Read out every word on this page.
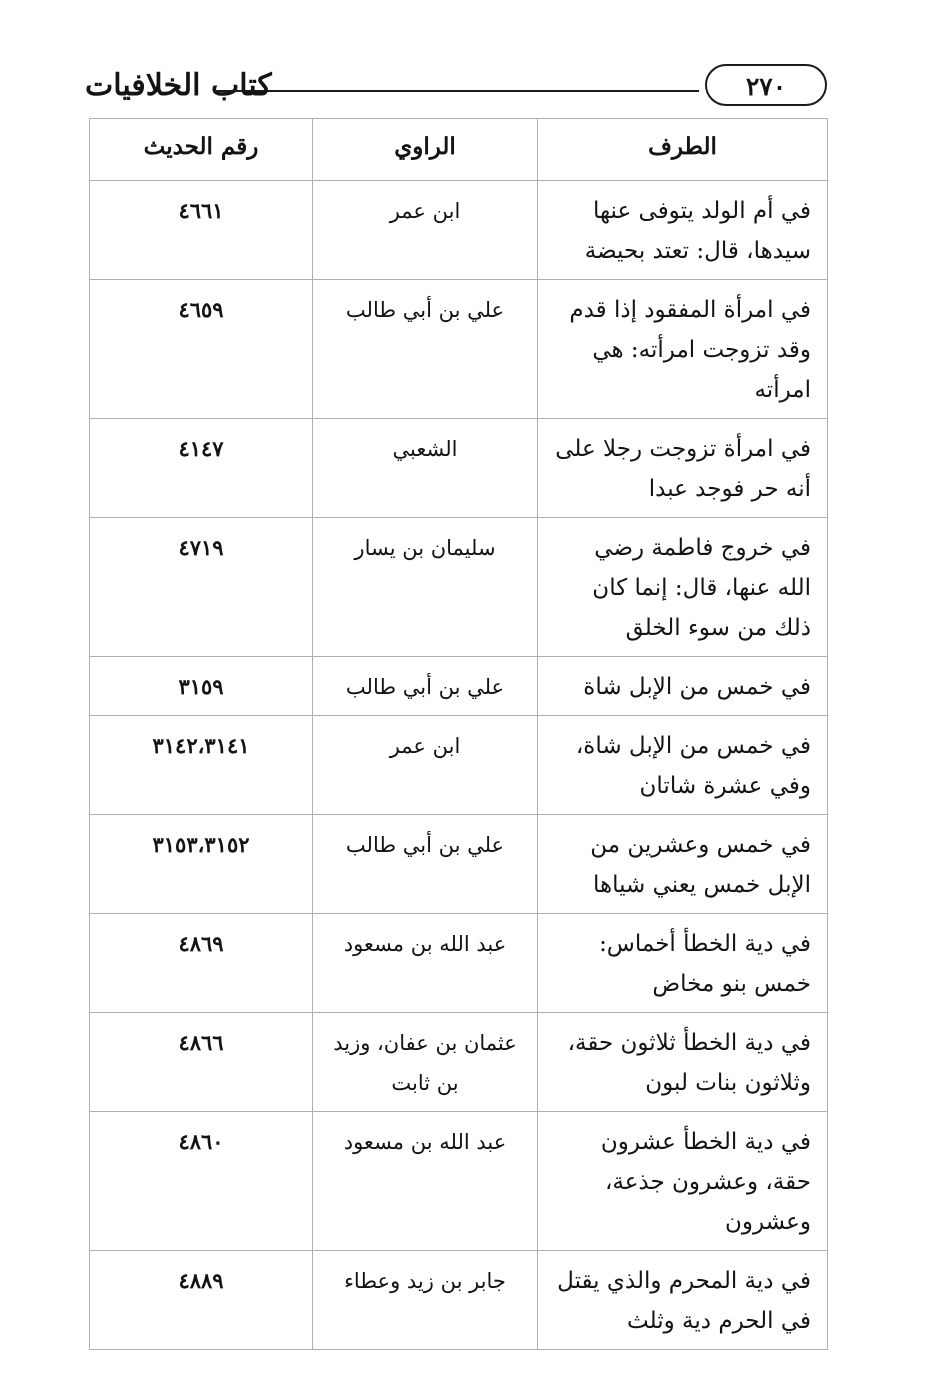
كتاب الخلافيات	٢٧٠
الطرف	الراوي	رقم الحديث
في أم الولد يتوفى عنها سيدها، قال: تعتد بحيضة	ابن عمر	٤٦٦١
في امرأة المفقود إذا قدم وقد تزوجت امرأته: هي امرأته	علي بن أبي طالب	٤٦٥٩
في امرأة تزوجت رجلا على أنه حر فوجد عبدا	الشعبي	٤١٤٧
في خروج فاطمة رضي الله عنها، قال: إنما كان ذلك من سوء الخلق	سليمان بن يسار	٤٧١٩
في خمس من الإبل شاة	علي بن أبي طالب	٣١٥٩
في خمس من الإبل شاة، وفي عشرة شاتان	ابن عمر	٣١٤٢،٣١٤١
في خمس وعشرين من الإبل خمس يعني شياها	علي بن أبي طالب	٣١٥٣،٣١٥٢
في دية الخطأ أخماس: خمس بنو مخاض	عبد الله بن مسعود	٤٨٦٩
في دية الخطأ ثلاثون حقة، وثلاثون بنات لبون	عثمان بن عفان، وزيد بن ثابت	٤٨٦٦
في دية الخطأ عشرون حقة، وعشرون جذعة، وعشرون	عبد الله بن مسعود	٤٨٦٠
في دية المحرم والذي يقتل في الحرم دية وثلث	جابر بن زيد وعطاء	٤٨٨٩
